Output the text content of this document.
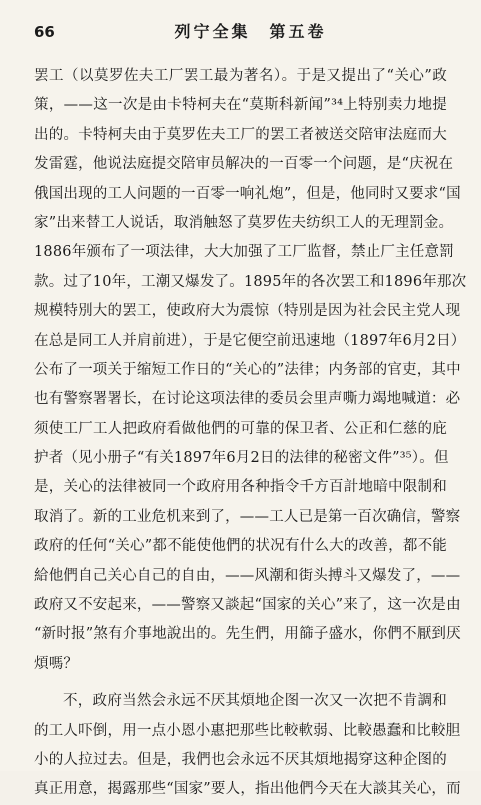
66	列宁全集　第五卷
罢工（以莫罗佐夫工厂罢工最为著名）。于是又提出了“关心”政
策，——这一次是由卡特柯夫在“莫斯科新闻”³⁴上特别卖力地提
出的。卡特柯夫由于莫罗佐夫工厂的罢工者被送交陪审法庭而大
发雷霆，他说法庭提交陪审员解决的一百零一个问题，是“庆祝在
俄国出现的工人问题的一百零一响礼炮”，但是，他同时又要求“国
家”出来替工人说话，取消触怒了莫罗佐夫纺织工人的无理罰金。
1886年颁布了一项法律，大大加强了工厂监督，禁止厂主任意罰
款。过了10年，工潮又爆发了。1895年的各次罢工和1896年那次
规模特別大的罢工，使政府大为震惊（特別是因为社会民主党人现
在总是同工人并肩前进），于是它便空前迅速地（1897年6月2日）
公布了一项关于缩短工作日的“关心的”法律；内务部的官吏，其中
也有警察署署长，在讨论这项法律的委员会里声嘶力竭地喊道：必
须使工厂工人把政府看做他們的可靠的保卫者、公正和仁慈的庇
护者（见小册子“有关1897年6月2日的法律的秘密文件”³⁵）。但
是，关心的法律被同一个政府用各种指令千方百計地暗中限制和
取消了。新的工业危机来到了，——工人已是第一百次确信，警察
政府的任何“关心”都不能使他們的状况有什么大的改善，都不能
給他們自己关心自己的自由，——风潮和街头搏斗又爆发了，——
政府又不安起来，——警察又談起“国家的关心”来了，这一次是由
“新时报”煞有介事地說出的。先生們，用篩子盛水，你們不厭到厌
煩嗎？
不，政府当然会永远不厌其煩地企图一次又一次把不肯調和
的工人吓倒，用一点小恩小惠把那些比較軟弱、比較愚蠢和比較胆
小的人拉过去。但是，我們也会永远不厌其煩地揭穿这种企图的
真正用意，揭露那些“国家”要人，指出他們今天在大談其关心，而
